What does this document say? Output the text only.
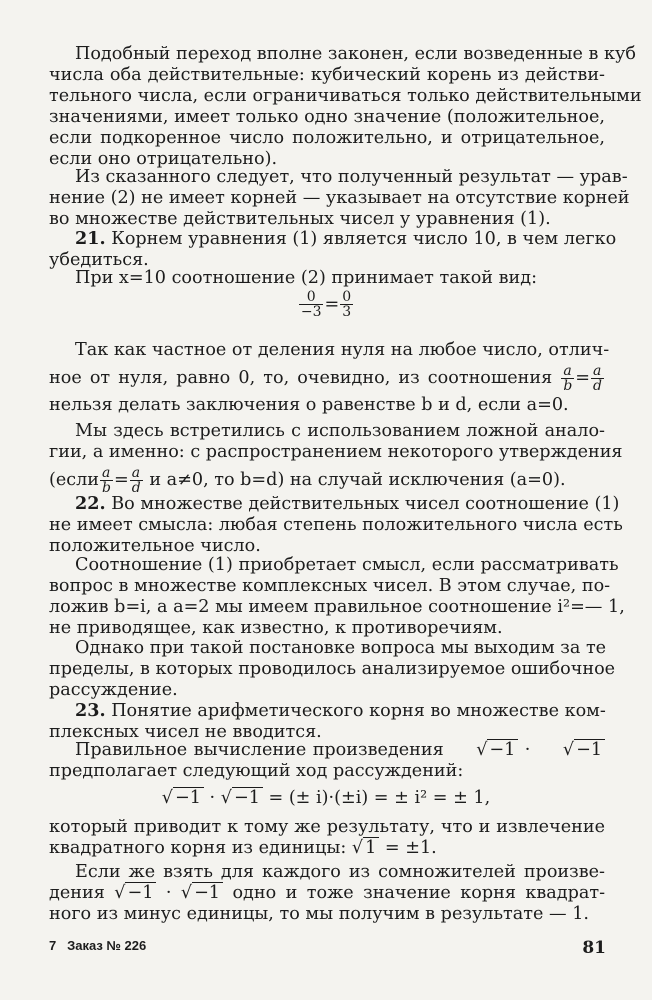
Подобный переход вполне законен, если возведенные в куб
числа оба действительные: кубический корень из действи-
тельного числа, если ограничиваться только действительными
значениями, имеет только одно значение (положительное,
если подкоренное число положительно, и отрицательное,
если оно отрицательно).
Из сказанного следует, что полученный результат — урав-
нение (2) не имеет корней — указывает на отсутствие корней
во множестве действительных чисел у уравнения (1).
21. Корнем уравнения (1) является число 10, в чем легко
убедиться.
При x=10 соотношение (2) принимает такой вид:
$\frac{0}{-3} = \frac{0}{3}$
Так как частное от деления нуля на любое число, отлич-
ное от нуля, равно 0, то, очевидно, из соотношения $\frac{a}{b} = \frac{a}{d}$
нельзя делать заключения о равенстве b и d, если a=0.
Мы здесь встретились с использованием ложной анало-
гии, а именно: с распространением некоторого утверждения
(если $\frac{a}{b} = \frac{a}{d}$ и a≠0, то b=d) на случай исключения (a=0).
22. Во множестве действительных чисел соотношение (1)
не имеет смысла: любая степень положительного числа есть
положительное число.
Соотношение (1) приобретает смысл, если рассматривать
вопрос в множестве комплексных чисел. В этом случае, по-
ложив b=i, а a=2 мы имеем правильное соотношение i²=— 1,
не приводящее, как известно, к противоречиям.
Однако при такой постановке вопроса мы выходим за те
пределы, в которых проводилось анализируемое ошибочное
рассуждение.
23. Понятие арифметического корня во множестве ком-
плексных чисел не вводится.
Правильное вычисление произведения √ −1 · √ −1
предполагает следующий ход рассуждений:
√ −1 · √ −1 = (± i)·(±i) = ± i² = ± 1,
который приводит к тому же результату, что и извлечение
квадратного корня из единицы: √ 1 = ±1.
Если же взять для каждого из сомножителей произве-
дения √ −1 · √ −1 одно и тоже значение корня квадрат-
ного из минус единицы, то мы получим в результате — 1.
7 Заказ № 226	81
